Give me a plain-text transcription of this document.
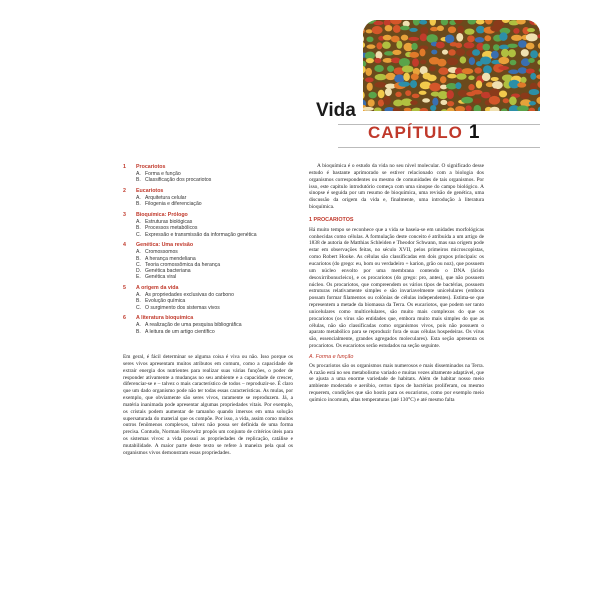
Vida
CAPÍTULO 1
1	Procariotos
A. Forma e função
B. Classificação dos procariotos
2	Eucariotos
A. Arquitetura celular
B. Filogenia e diferenciação
3	Bioquímica: Prólogo
A. Estruturas biológicas
B. Processos metabólicos
C. Expressão e transmissão da informação genética
4	Genética: Uma revisão
A. Cromossomos
B. A herança mendeliana
C. Teoria cromossômica da herança
D. Genética bacteriana
E. Genética viral
5	A origem da vida
A. As propriedades exclusivas do carbono
B. Evolução química
C. O surgimento dos sistemas vivos
6	A literatura bioquímica
A. A realização de uma pesquisa bibliográfica
B. A leitura de um artigo científico

Em geral, é fácil determinar se alguma coisa é viva ou não. Isso porque os seres vivos apresentam muitos atributos em comum, como a capacidade de extrair energia dos nutrientes para realizar suas várias funções, o poder de responder ativamente a mudanças no seu ambiente e a capacidade de crescer, diferenciar-se e – talvez o mais característico de todos – reproduzir-se. É claro que um dado organismo pode não ter todas essas características. As mulas, por exemplo, que obviamente são seres vivos, raramente se reproduzem. Já, a matéria inanimada pode apresentar algumas propriedades vitais. Por exemplo, os cristais podem aumentar de tamanho quando imersos em uma solução supersaturada do material que os compõe. Por isso, a vida, assim como muitos outros fenômenos complexos, talvez não possa ser definida de uma forma precisa. Contudo, Norman Horowitz propôs um conjunto de critérios úteis para os sistemas vivos: a vida possui as propriedades de replicação, catálise e mutabilidade. A maior parte deste texto se refere à maneira pela qual os organismos vivos demonstram essas propriedades.

A bioquímica é o estudo da vida no seu nível molecular. O significado desse estudo é bastante aprimorado se estiver relacionado com a biologia dos organismos correspondentes ou mesmo de comunidades de tais organismos. Por isso, este capítulo introdutório começa com uma sinopse do campo biológico. A sinopse é seguida por um resumo de bioquímica, uma revisão de genética, uma discussão da origem da vida e, finalmente, uma introdução à literatura bioquímica.

1 PROCARIOTOS

Há muito tempo se reconhece que a vida se baseia-se em unidades morfológicas conhecidas como células. A formulação deste conceito é atribuída a um artigo de 1838 de autoria de Matthias Schleiden e Theodor Schwann, mas sua origem pode estar em observações feitas, no século XVII, pelos primeiros microscopistas, como Robert Hooke. As células são classificadas em dois grupos principais: os eucariotos (do grego: eu, bom ou verdadeiro + karion, grão ou noz), que possuem um núcleo envolto por uma membrana contendo o DNA (ácido desoxirribonucleico), e os procariotos (do grego: pro, antes), que não possuem núcleo. Os procariotos, que compreendem os vários tipos de bactérias, possuem estruturas relativamente simples e são invariavelmente unicelulares (embora possam formar filamentos ou colônias de células independentes). Estima-se que representem a metade da biomassa da Terra. Os eucariotos, que podem ser tanto unicelulares como multicelulares, são muito mais complexos do que os procariotos (os vírus são entidades que, embora muito mais simples do que as células, não são classificadas como organismos vivos, pois não possuem o aparato metabólico para se reproduzir fora de suas células hospedeiras. Os vírus são, essencialmente, grandes agregados moleculares). Esta seção apresenta os procariotos. Os eucariotos serão estudados na seção seguinte.

A. Forma e função

Os procariotos são os organismos mais numerosos e mais disseminados na Terra. A razão está no seu metabolismo variado e muitas vezes altamente adaptável, que se ajusta a uma enorme variedade de habitats. Além de habitar nosso meio ambiente moderado e aeróbio, certos tipos de bactérias proliferam, ou mesmo requerem, condições que são hostis para os eucariotos, como por exemplo meio químico incomum, altas temperaturas (até 130°C) e até mesmo falta
